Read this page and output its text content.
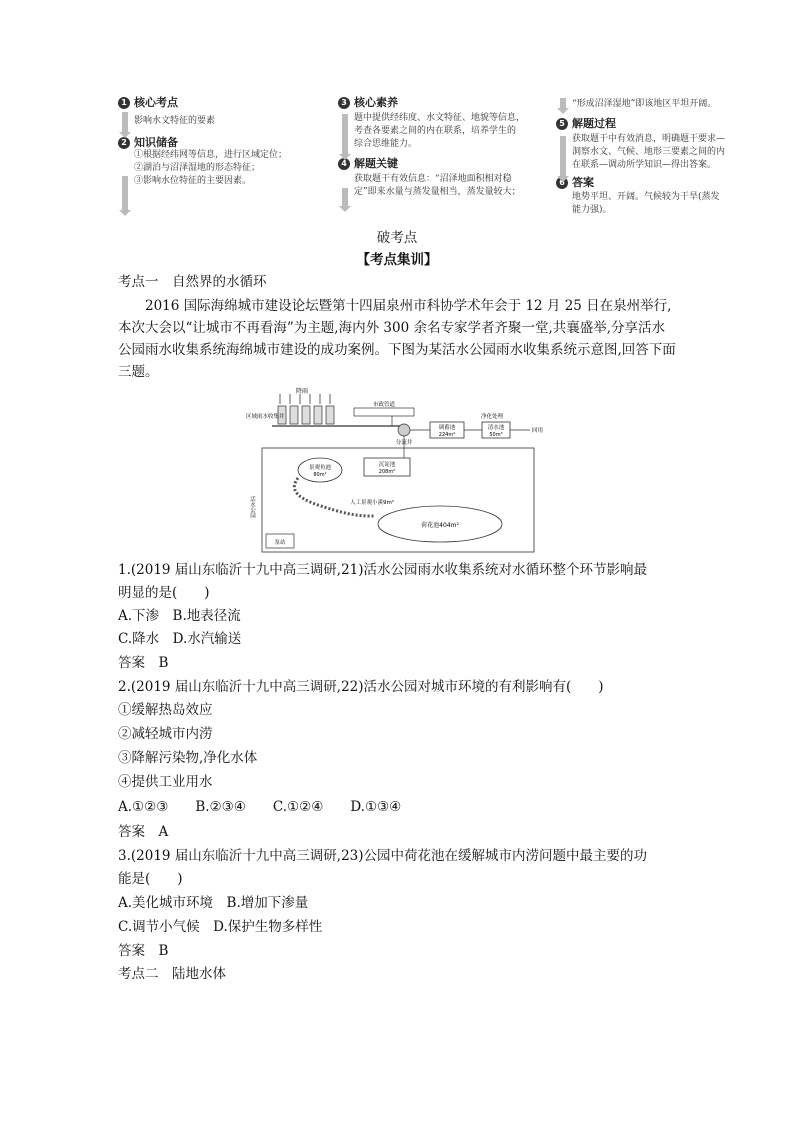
1 核心考点
影响水文特征的要素
2 知识储备
①根据经纬网等信息，进行区域定位；
②湖泊与沼泽湿地的形态特征；
③影响水位特征的主要因素。
3 核心素养
题中提供经纬度、水文特征、地貌等信息，
考查各要素之间的内在联系，培养学生的
综合思维能力。
4 解题关键
获取题干有效信息：“沼泽地面积相对稳
定”即来水量与蒸发量相当，蒸发量较大；
“形成沼泽湿地”即该地区平坦开阔。
5 解题过程
获取题干中有效消息，明确题干要求—
洞察水文、气候、地形三要素之间的内
在联系—调动所学知识—得出答案。
6 答案
地势平坦、开阔。气候较为干旱(蒸发
能力强)。
破考点
【考点集训】
考点一　自然界的水循环
2016 国际海绵城市建设论坛暨第十四届泉州市科协学术年会于 12 月 25 日在泉州举行,本次大会以“让城市不再看海”为主题,海内外 300 余名专家学者齐聚一堂,共襄盛举,分享活水公园雨水收集系统海绵城市建设的成功案例。下图为某活水公园雨水收集系统示意图,回答下面三题。
降雨
区域雨水收集井
市政管道
分流井
调蓄池
224m²
净化处理
清水池
50m³
回用
活水公园
沉淀池
208m²
景观鱼池
80m²
人工景观小溪9m²
荷花池404m²
泵站
1.(2019 届山东临沂十九中高三调研,21)活水公园雨水收集系统对水循环整个环节影响最
明显的是(　　)
A.下渗　B.地表径流
C.降水　D.水汽输送
答案　B
2.(2019 届山东临沂十九中高三调研,22)活水公园对城市环境的有利影响有(　　)
①缓解热岛效应
②减轻城市内涝
③降解污染物,净化水体
④提供工业用水
A.①②③　　B.②③④　　C.①②④　　D.①③④
答案　A
3.(2019 届山东临沂十九中高三调研,23)公园中荷花池在缓解城市内涝问题中最主要的功
能是(　　)
A.美化城市环境　B.增加下渗量
C.调节小气候　D.保护生物多样性
答案　B
考点二　陆地水体
